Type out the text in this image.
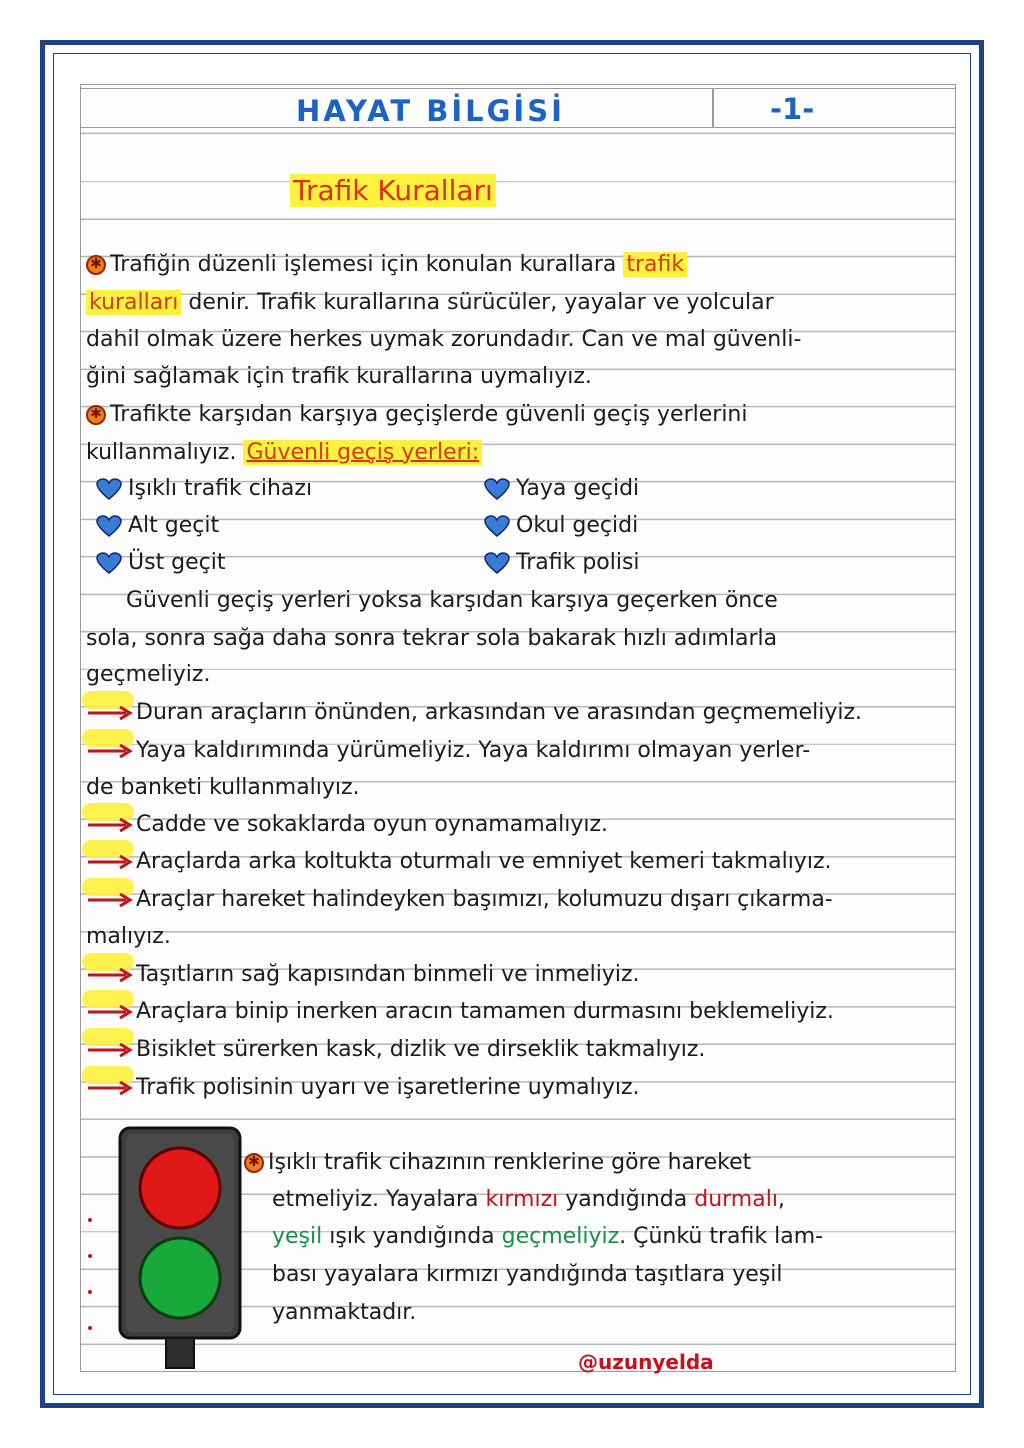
HAYAT BİLGİSİ	-1-
Trafik Kuralları
✱ Trafiğin düzenli işlemesi için konulan kurallara trafik
kuralları denir. Trafik kurallarına sürücüler, yayalar ve yolcular
dahil olmak üzere herkes uymak zorundadır. Can ve mal güvenli-
ğini sağlamak için trafik kurallarına uymalıyız.
✱ Trafikte karşıdan karşıya geçişlerde güvenli geçiş yerlerini
kullanmalıyız. Güvenli geçiş yerleri:
Işıklı trafik cihazı	Yaya geçidi
Alt geçit	Okul geçidi
Üst geçit	Trafik polisi
Güvenli geçiş yerleri yoksa karşıdan karşıya geçerken önce
sola, sonra sağa daha sonra tekrar sola bakarak hızlı adımlarla
geçmeliyiz.
Duran araçların önünden, arkasından ve arasından geçmemeliyiz.
Yaya kaldırımında yürümeliyiz. Yaya kaldırımı olmayan yerler-
de banketi kullanmalıyız.
Cadde ve sokaklarda oyun oynamamalıyız.
Araçlarda arka koltukta oturmalı ve emniyet kemeri takmalıyız.
Araçlar hareket halindeyken başımızı, kolumuzu dışarı çıkarma-
malıyız.
Taşıtların sağ kapısından binmeli ve inmeliyiz.
Araçlara binip inerken aracın tamamen durmasını beklemeliyiz.
Bisiklet sürerken kask, dizlik ve dirseklik takmalıyız.
Trafik polisinin uyarı ve işaretlerine uymalıyız.
✱ Işıklı trafik cihazının renklerine göre hareket
etmeliyiz. Yayalara kırmızı yandığında durmalı,
yeşil ışık yandığında geçmeliyiz. Çünkü trafik lam-
bası yayalara kırmızı yandığında taşıtlara yeşil
yanmaktadır.
@uzunyelda
